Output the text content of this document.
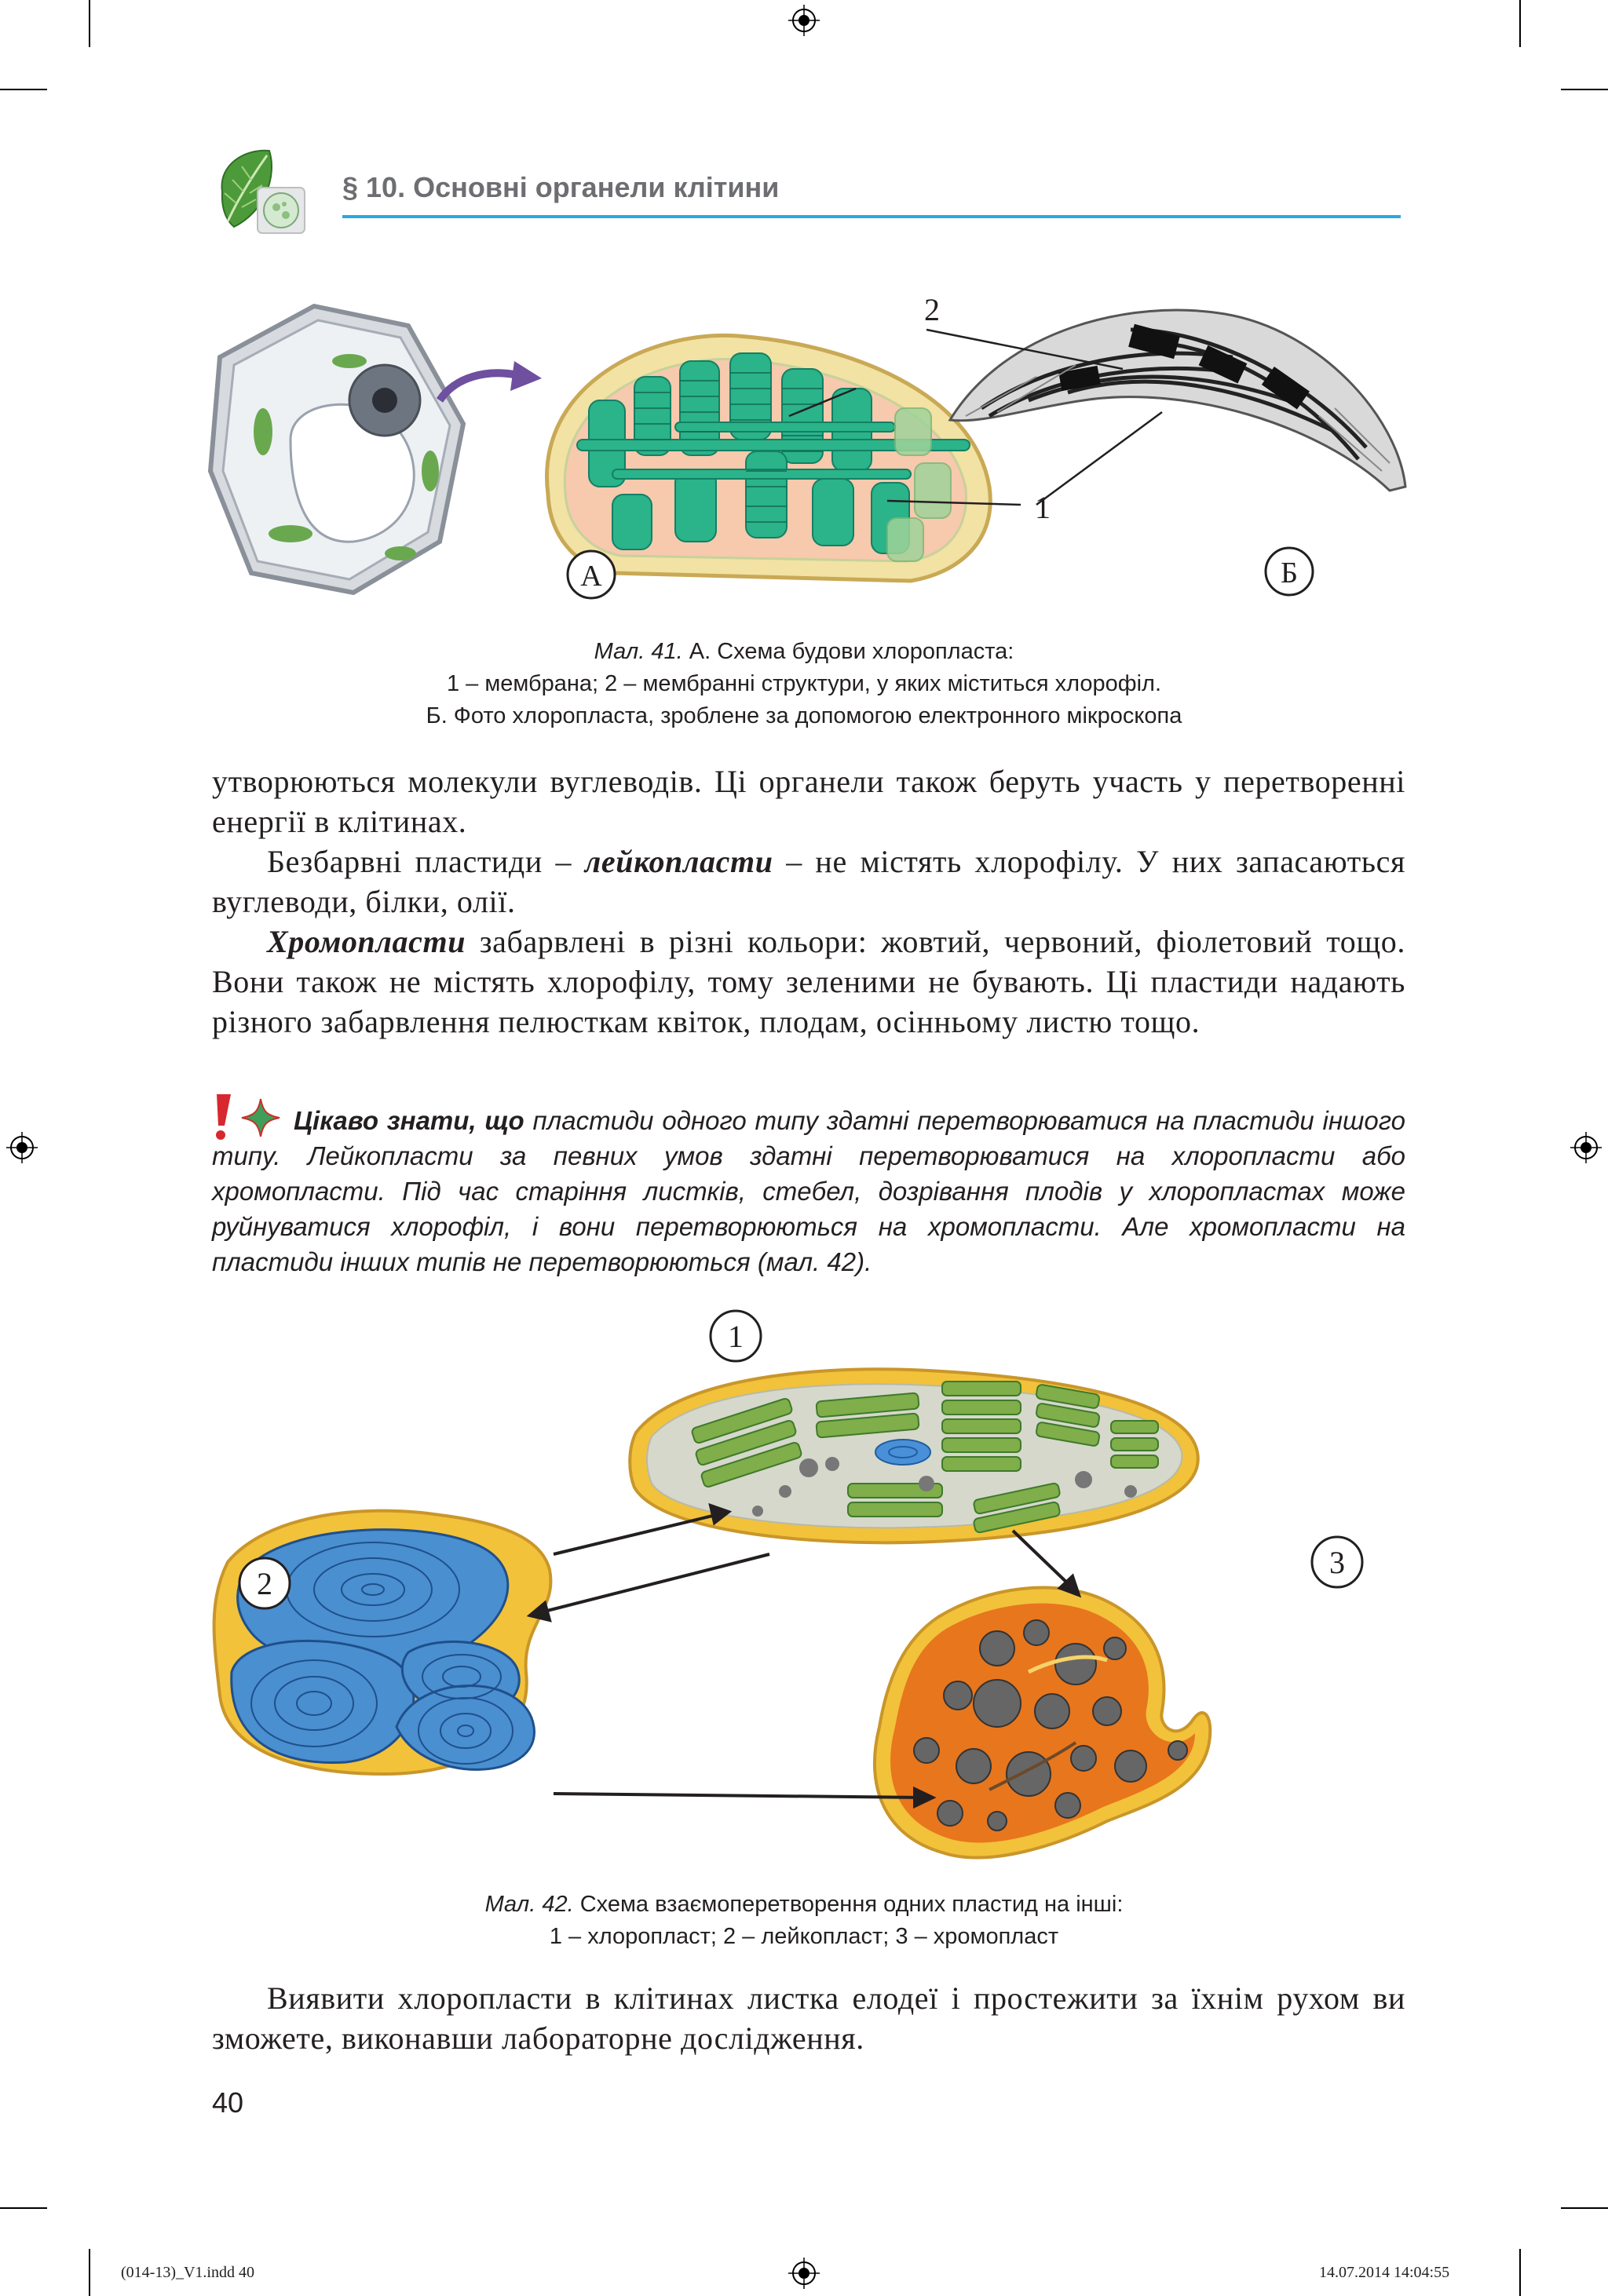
§ 10. Основні органели клітини
2
1
А	Б
Мал. 41. А. Схема будови хлоропласта:
1 – мембрана; 2 – мембранні структури, у яких міститься хлорофіл.
Б. Фото хлоропласта, зроблене за допомогою електронного мікроскопа

утворюються молекули вуглеводів. Ці органели також беруть участь у перетворенні енергії в клітинах.

Безбарвні пластиди – лейкопласти – не містять хлорофілу. У них запасаються вуглеводи, білки, олії.

Хромопласти забарвлені в різні кольори: жовтий, червоний, фіолетовий тощо. Вони також не містять хлорофілу, тому зеленими не бувають. Ці пластиди надають різного забарвлення пелюсткам квіток, плодам, осінньому листю тощо.

Цікаво знати, що пластиди одного типу здатні перетворюватися на пластиди іншого типу. Лейкопласти за певних умов здатні перетворюватися на хлоропласти або хромопласти. Під час старіння листків, стебел, дозрівання плодів у хлоропластах може руйнуватися хлорофіл, і вони перетворюються на хромопласти. Але хромопласти на пластиди інших типів не перетворюються (мал. 42).
1
2
3
Мал. 42. Схема взаємоперетворення одних пластид на інші:
1 – хлоропласт; 2 – лейкопласт; 3 – хромопласт

Виявити хлоропласти в клітинах листка елодеї і простежити за їхнім рухом ви зможете, виконавши лабораторне дослідження.

40
(014-13)_V1.indd 40	14.07.2014 14:04:55
